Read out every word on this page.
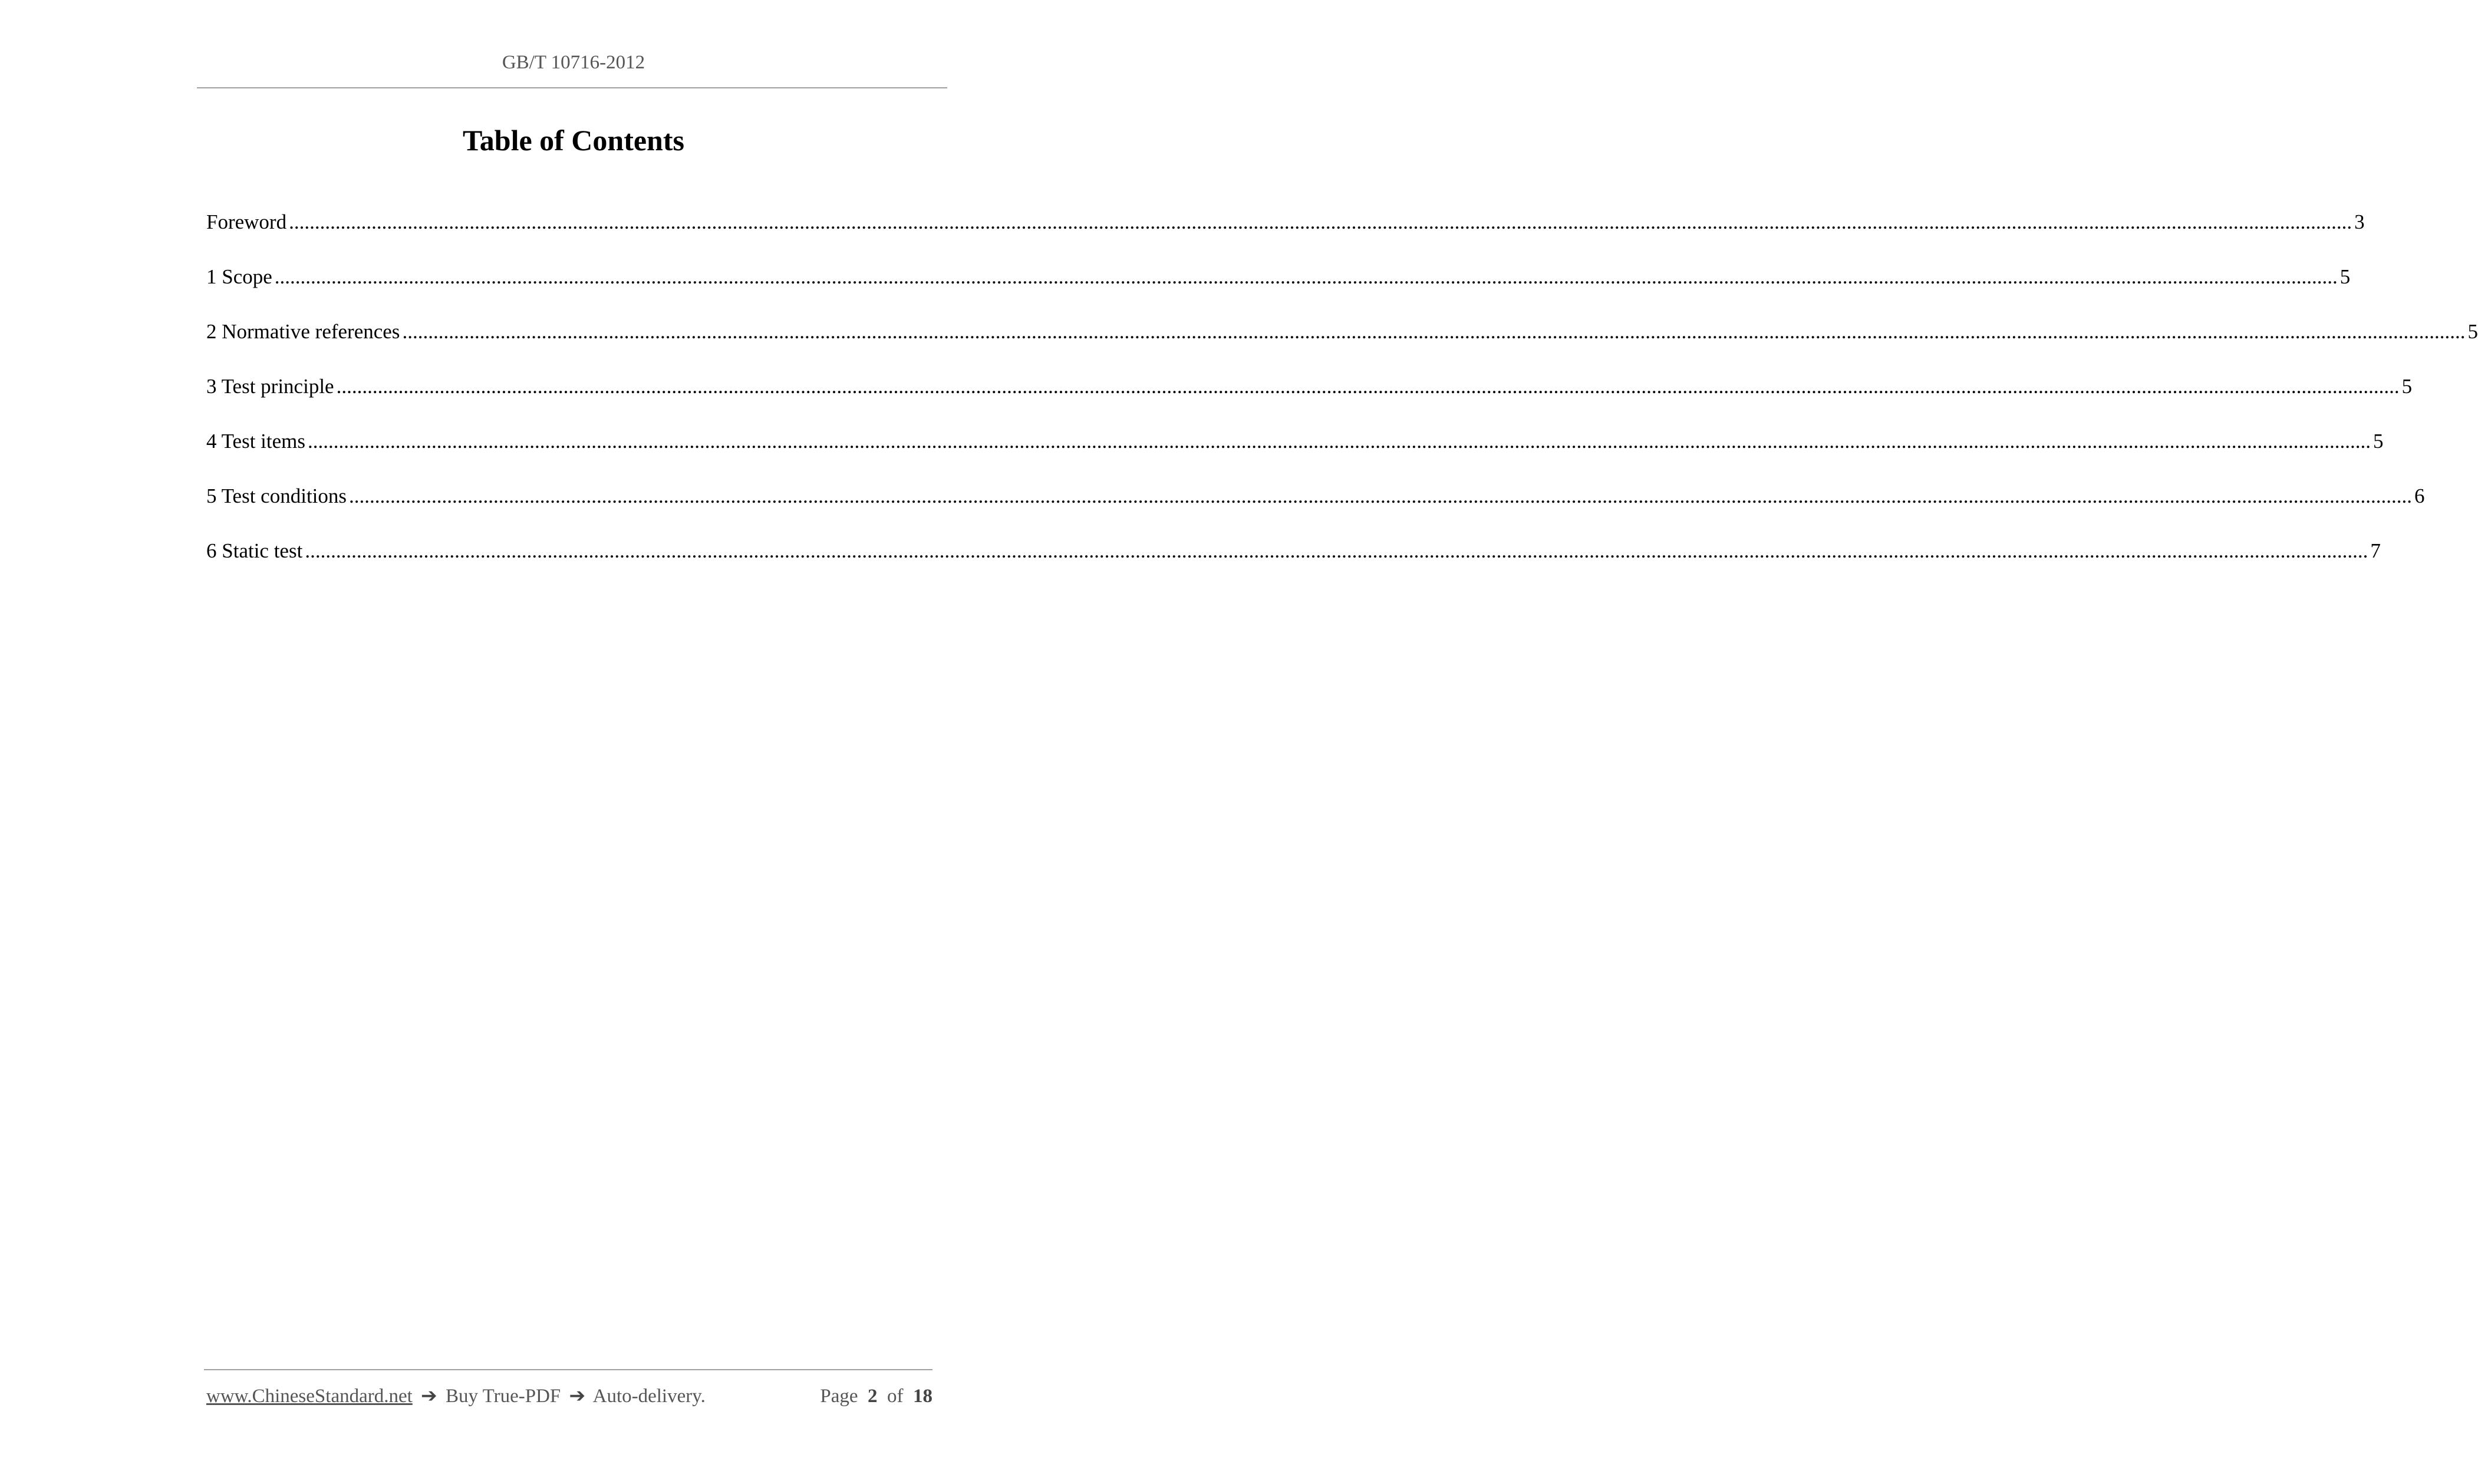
GB/T 10716-2012
Table of Contents
Foreword ................................................................................................................................................................................................................................................................................................................................................................................................................ 3
1 Scope ................................................................................................................................................................................................................................................................................................................................................................................................................ 5
2 Normative references ................................................................................................................................................................................................................................................................................................................................................................................................................ 5
3 Test principle ................................................................................................................................................................................................................................................................................................................................................................................................................ 5
4 Test items ................................................................................................................................................................................................................................................................................................................................................................................................................ 5
5 Test conditions ................................................................................................................................................................................................................................................................................................................................................................................................................ 6
6 Static test ................................................................................................................................................................................................................................................................................................................................................................................................................ 7
www.ChineseStandard.net ➔ Buy True-PDF ➔ Auto-delivery.	Page 2 of 18
